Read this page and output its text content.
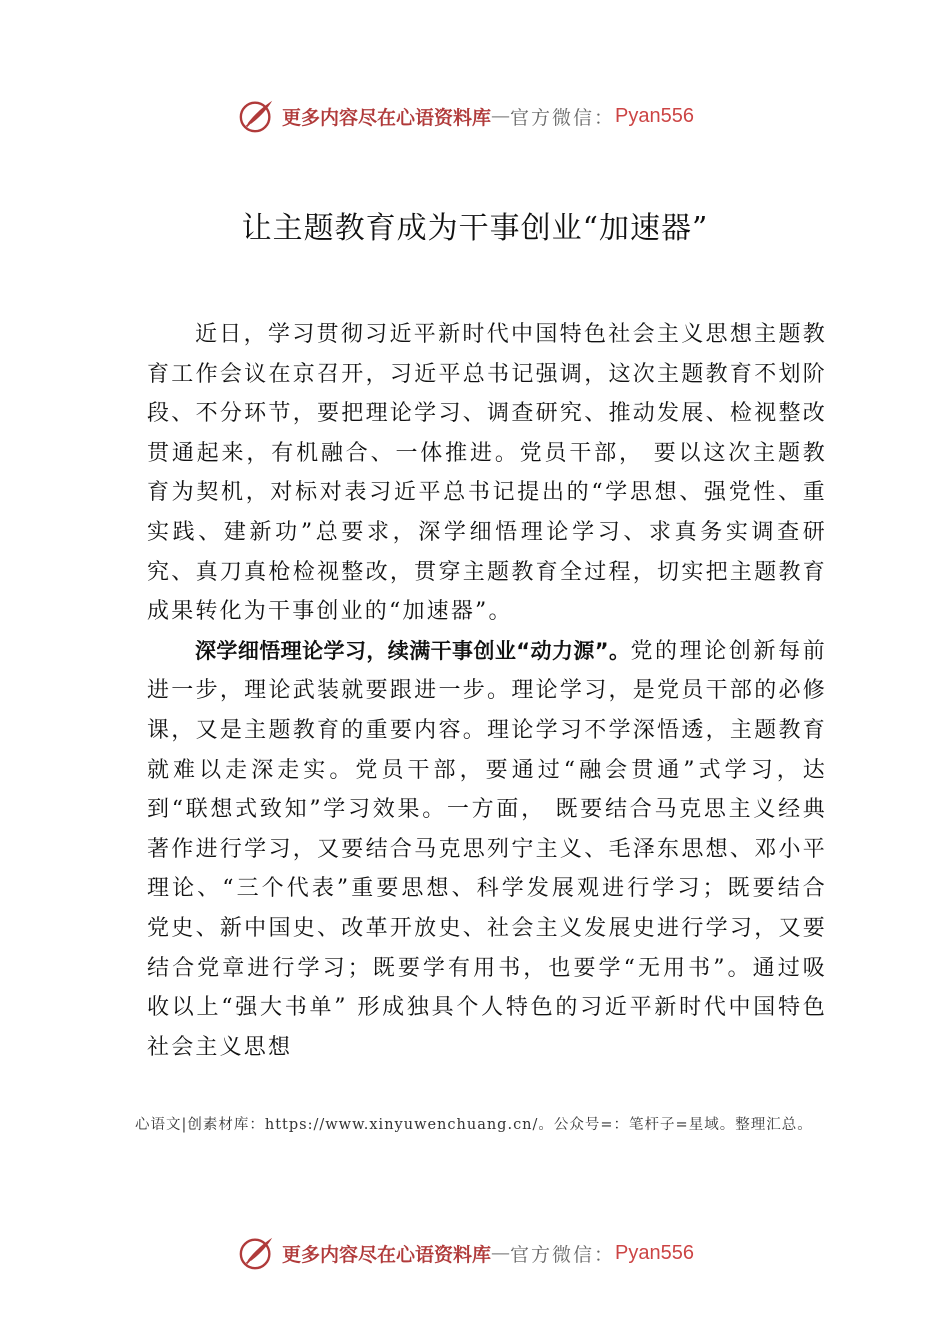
更多内容尽在心语资料库 — 官方微信： Pyan556
让主题教育成为干事创业“加速器”

近日，学习贯彻习近平新时代中国特色社会主义思想主题教育工作会议在京召开，习近平总书记强调，这次主题教育不划阶段、不分环节，要把理论学习、调查研究、推动发展、检视整改贯通起来，有机融合、一体推进。党员干部， 要以这次主题教育为契机，对标对表习近平总书记提出的“学思想、强党性、重实践、建新功”总要求，深学细悟理论学习、求真务实调查研究、真刀真枪检视整改，贯穿主题教育全过程，切实把主题教育成果转化为干事创业的“加速器”。

深学细悟理论学习，续满干事创业“动力源”。党的理论创新每前进一步，理论武装就要跟进一步。理论学习，是党员干部的必修课，又是主题教育的重要内容。理论学习不学深悟透，主题教育就难以走深走实。党员干部，要通过“融会贯通”式学习，达到“联想式致知”学习效果。一方面， 既要结合马克思主义经典著作进行学习，又要结合马克思列宁主义、毛泽东思想、邓小平理论、“三个代表”重要思想、科学发展观进行学习；既要结合党史、新中国史、改革开放史、社会主义发展史进行学习，又要结合党章进行学习；既要学有用书，也要学“无用书”。通过吸收以上“强大书单” 形成独具个人特色的习近平新时代中国特色社会主义思想

心语文|创素材库：https://www.xinyuwenchuang.cn/。公众号=：笔杆子=星域。整理汇总。
更多内容尽在心语资料库 — 官方微信： Pyan556
